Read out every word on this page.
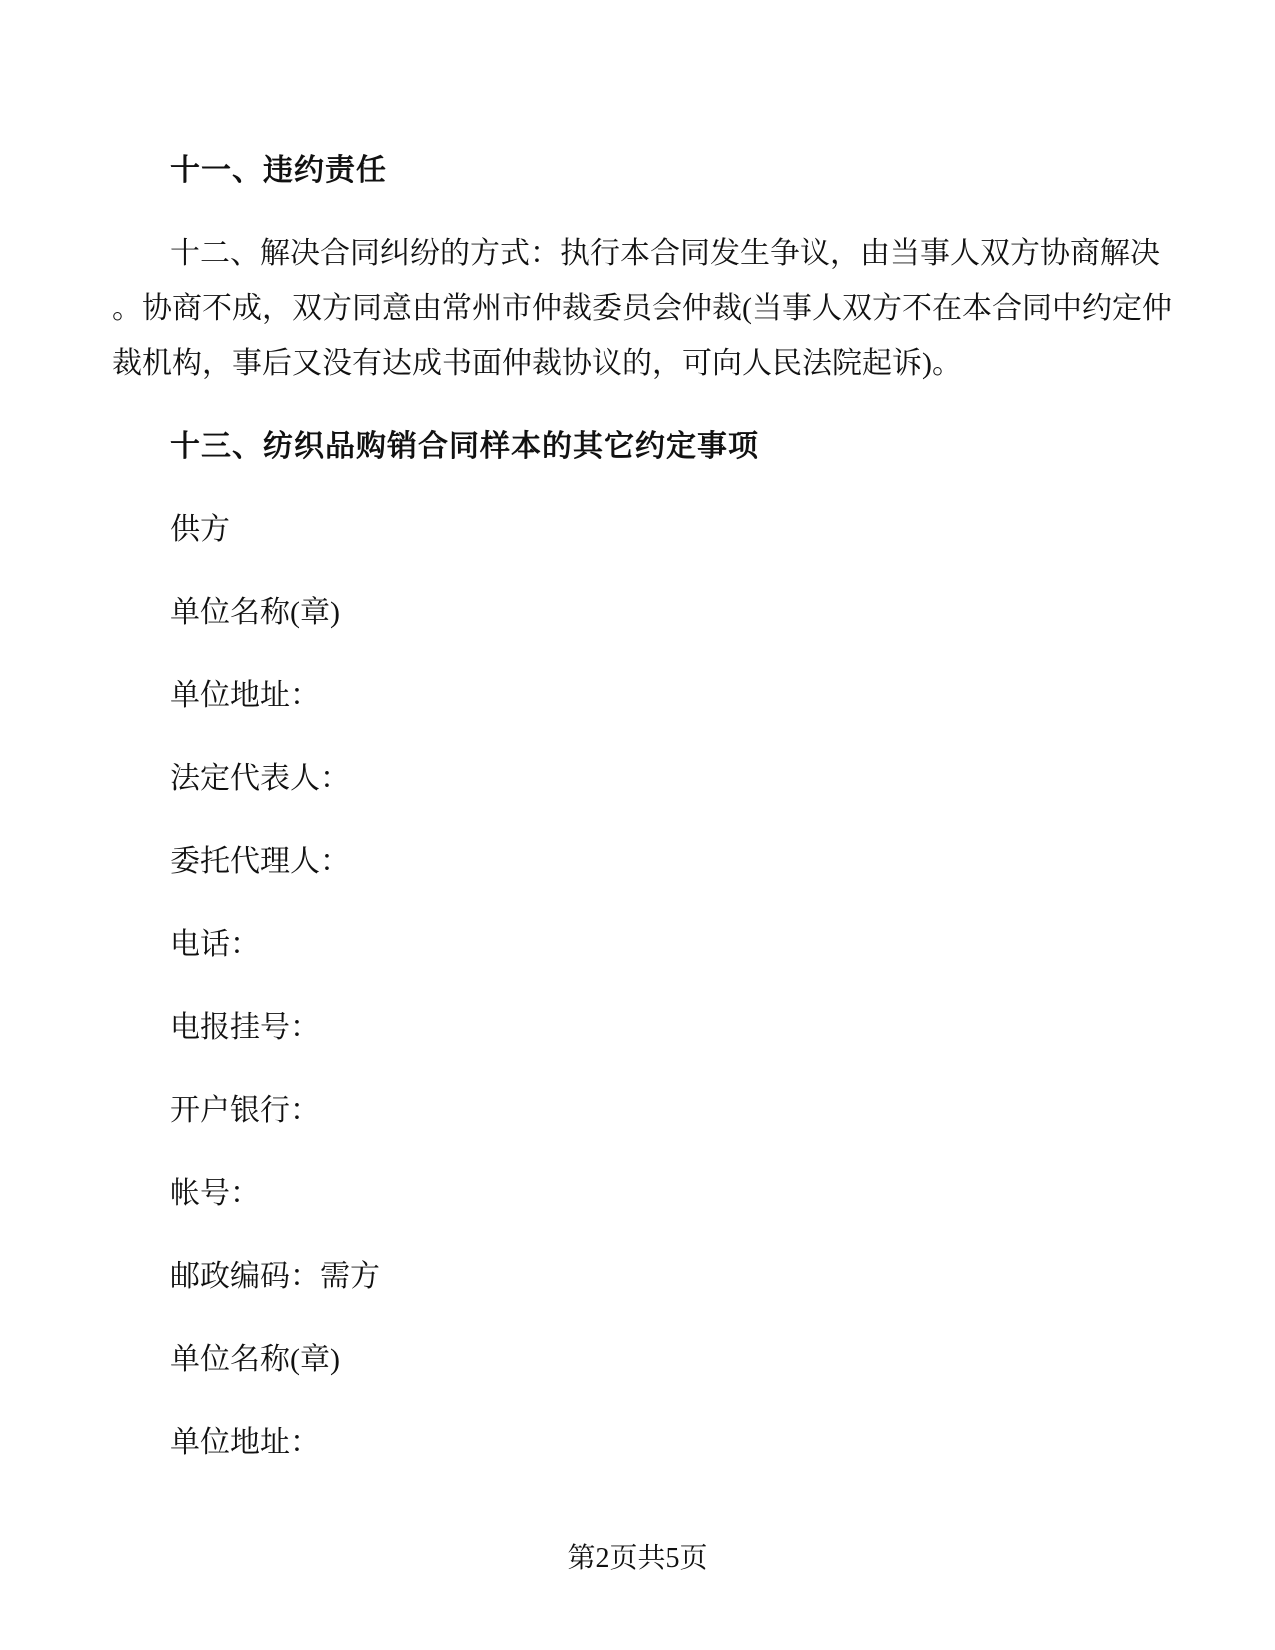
十一、违约责任

十二、解决合同纠纷的方式：执行本合同发生争议，由当事人双方协商解决
。协商不成，双方同意由常州市仲裁委员会仲裁(当事人双方不在本合同中约定仲
裁机构，事后又没有达成书面仲裁协议的，可向人民法院起诉)。

十三、纺织品购销合同样本的其它约定事项

供方

单位名称(章)

单位地址：

法定代表人：

委托代理人：

电话：

电报挂号：

开户银行：

帐号：

邮政编码：需方

单位名称(章)

单位地址：

第2页共5页
